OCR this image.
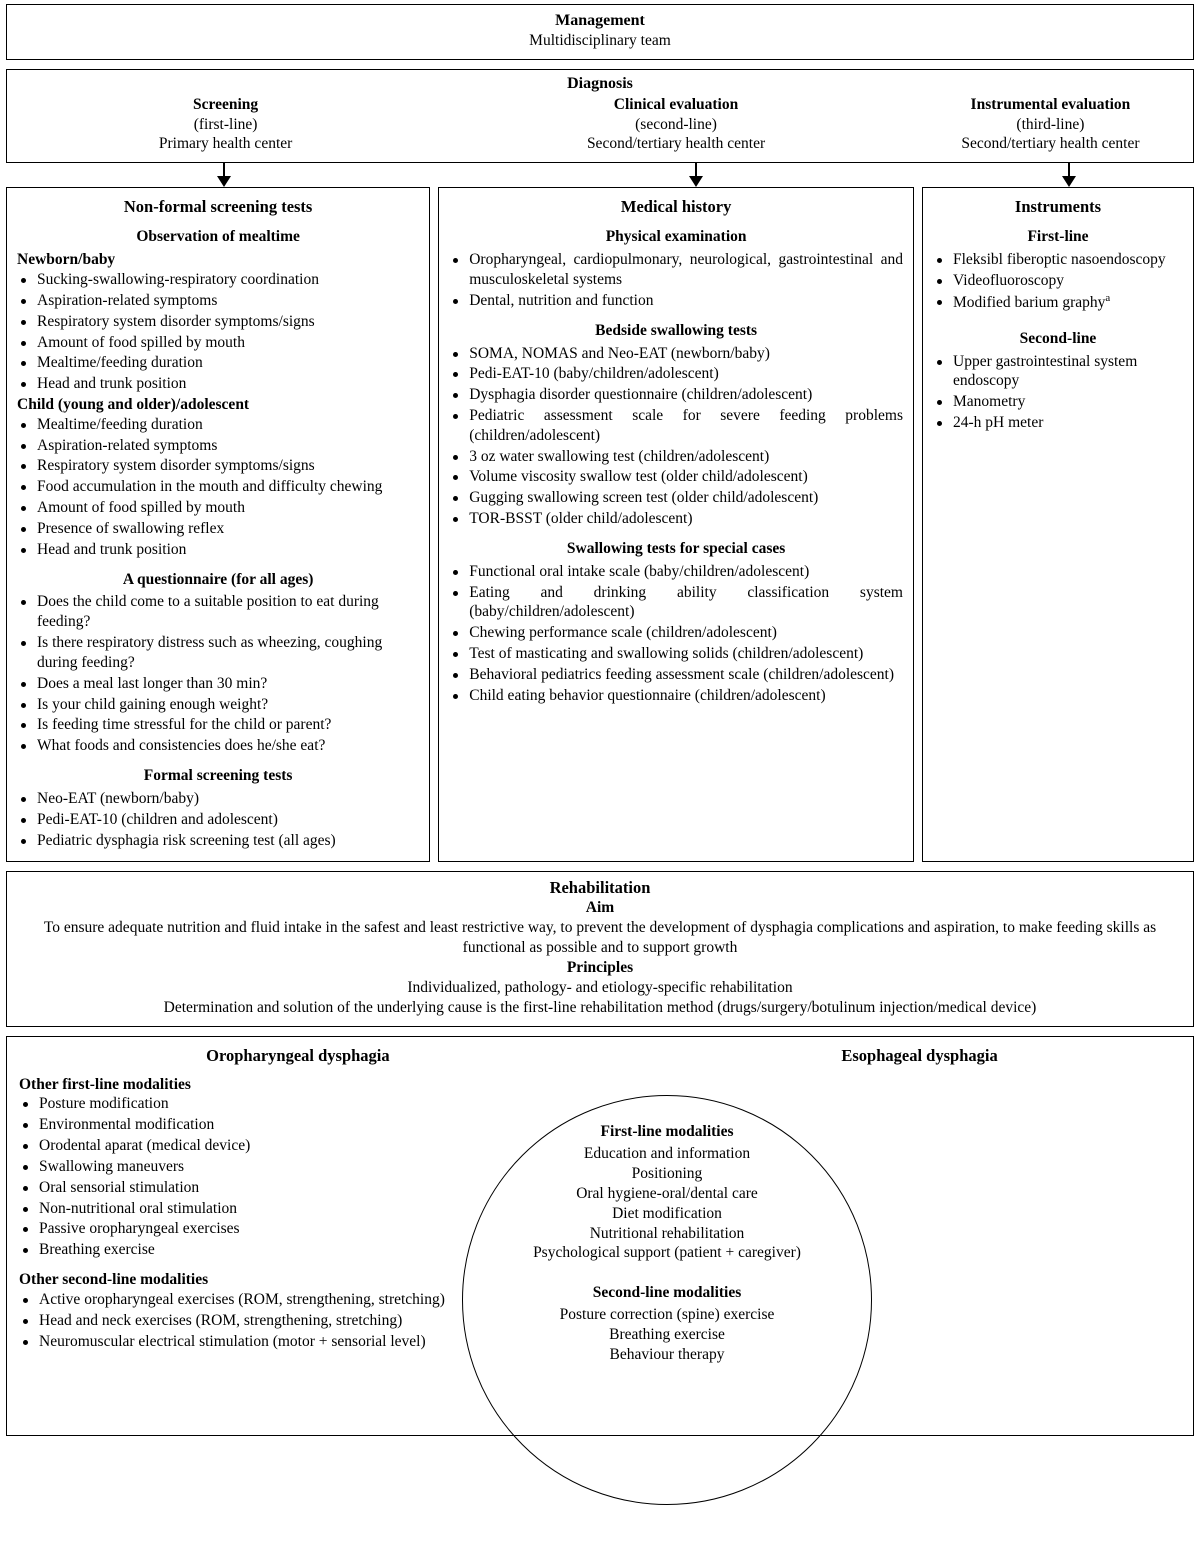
Management
Multidisciplinary team
Diagnosis
Screening
(first-line)
Primary health center
Clinical evaluation
(second-line)
Second/tertiary health center
Instrumental evaluation
(third-line)
Second/tertiary health center
Non-formal screening tests
Observation of mealtime
Newborn/baby
Sucking-swallowing-respiratory coordination
Aspiration-related symptoms
Respiratory system disorder symptoms/signs
Amount of food spilled by mouth
Mealtime/feeding duration
Head and trunk position
Child (young and older)/adolescent
Mealtime/feeding duration
Aspiration-related symptoms
Respiratory system disorder symptoms/signs
Food accumulation in the mouth and difficulty chewing
Amount of food spilled by mouth
Presence of swallowing reflex
Head and trunk position
A questionnaire (for all ages)
Does the child come to a suitable position to eat during feeding?
Is there respiratory distress such as wheezing, coughing during feeding?
Does a meal last longer than 30 min?
Is your child gaining enough weight?
Is feeding time stressful for the child or parent?
What foods and consistencies does he/she eat?
Formal screening tests
Neo-EAT (newborn/baby)
Pedi-EAT-10 (children and adolescent)
Pediatric dysphagia risk screening test (all ages)
Medical history
Physical examination
Oropharyngeal, cardiopulmonary, neurological, gastrointestinal and musculoskeletal systems
Dental, nutrition and function
Bedside swallowing tests
SOMA, NOMAS and Neo-EAT (newborn/baby)
Pedi-EAT-10 (baby/children/adolescent)
Dysphagia disorder questionnaire (children/adolescent)
Pediatric assessment scale for severe feeding problems (children/adolescent)
3 oz water swallowing test (children/adolescent)
Volume viscosity swallow test (older child/adolescent)
Gugging swallowing screen test (older child/adolescent)
TOR-BSST (older child/adolescent)
Swallowing tests for special cases
Functional oral intake scale (baby/children/adolescent)
Eating and drinking ability classification system (baby/children/adolescent)
Chewing performance scale (children/adolescent)
Test of masticating and swallowing solids (children/adolescent)
Behavioral pediatrics feeding assessment scale (children/adolescent)
Child eating behavior questionnaire (children/adolescent)
Instruments
First-line
Fleksibl fiberoptic nasoendoscopy
Videofluoroscopy
Modified barium graphy$^a$
Second-line
Upper gastrointestinal system endoscopy
Manometry
24-h pH meter

Rehabilitation

Aim

To ensure adequate nutrition and fluid intake in the safest and least restrictive way, to prevent the development of dysphagia complications and aspiration, to make feeding skills as functional as possible and to support growth

Principles

Individualized, pathology- and etiology-specific rehabilitation

Determination and solution of the underlying cause is the first-line rehabilitation method (drugs/surgery/botulinum injection/medical device)

Oropharyngeal dysphagia	Esophageal dysphagia
Other first-line modalities
Posture modification
Environmental modification
Orodental aparat (medical device)
Swallowing maneuvers
Oral sensorial stimulation
Non-nutritional oral stimulation
Passive oropharyngeal exercises
Breathing exercise
Other second-line modalities
Active oropharyngeal exercises (ROM, strengthening, stretching)
Head and neck exercises (ROM, strengthening, stretching)
Neuromuscular electrical stimulation (motor + sensorial level)
First-line modalities
Education and information
Positioning
Oral hygiene-oral/dental care
Diet modification
Nutritional rehabilitation
Psychological support (patient + caregiver)
Second-line modalities
Posture correction (spine) exercise
Breathing exercise
Behaviour therapy
